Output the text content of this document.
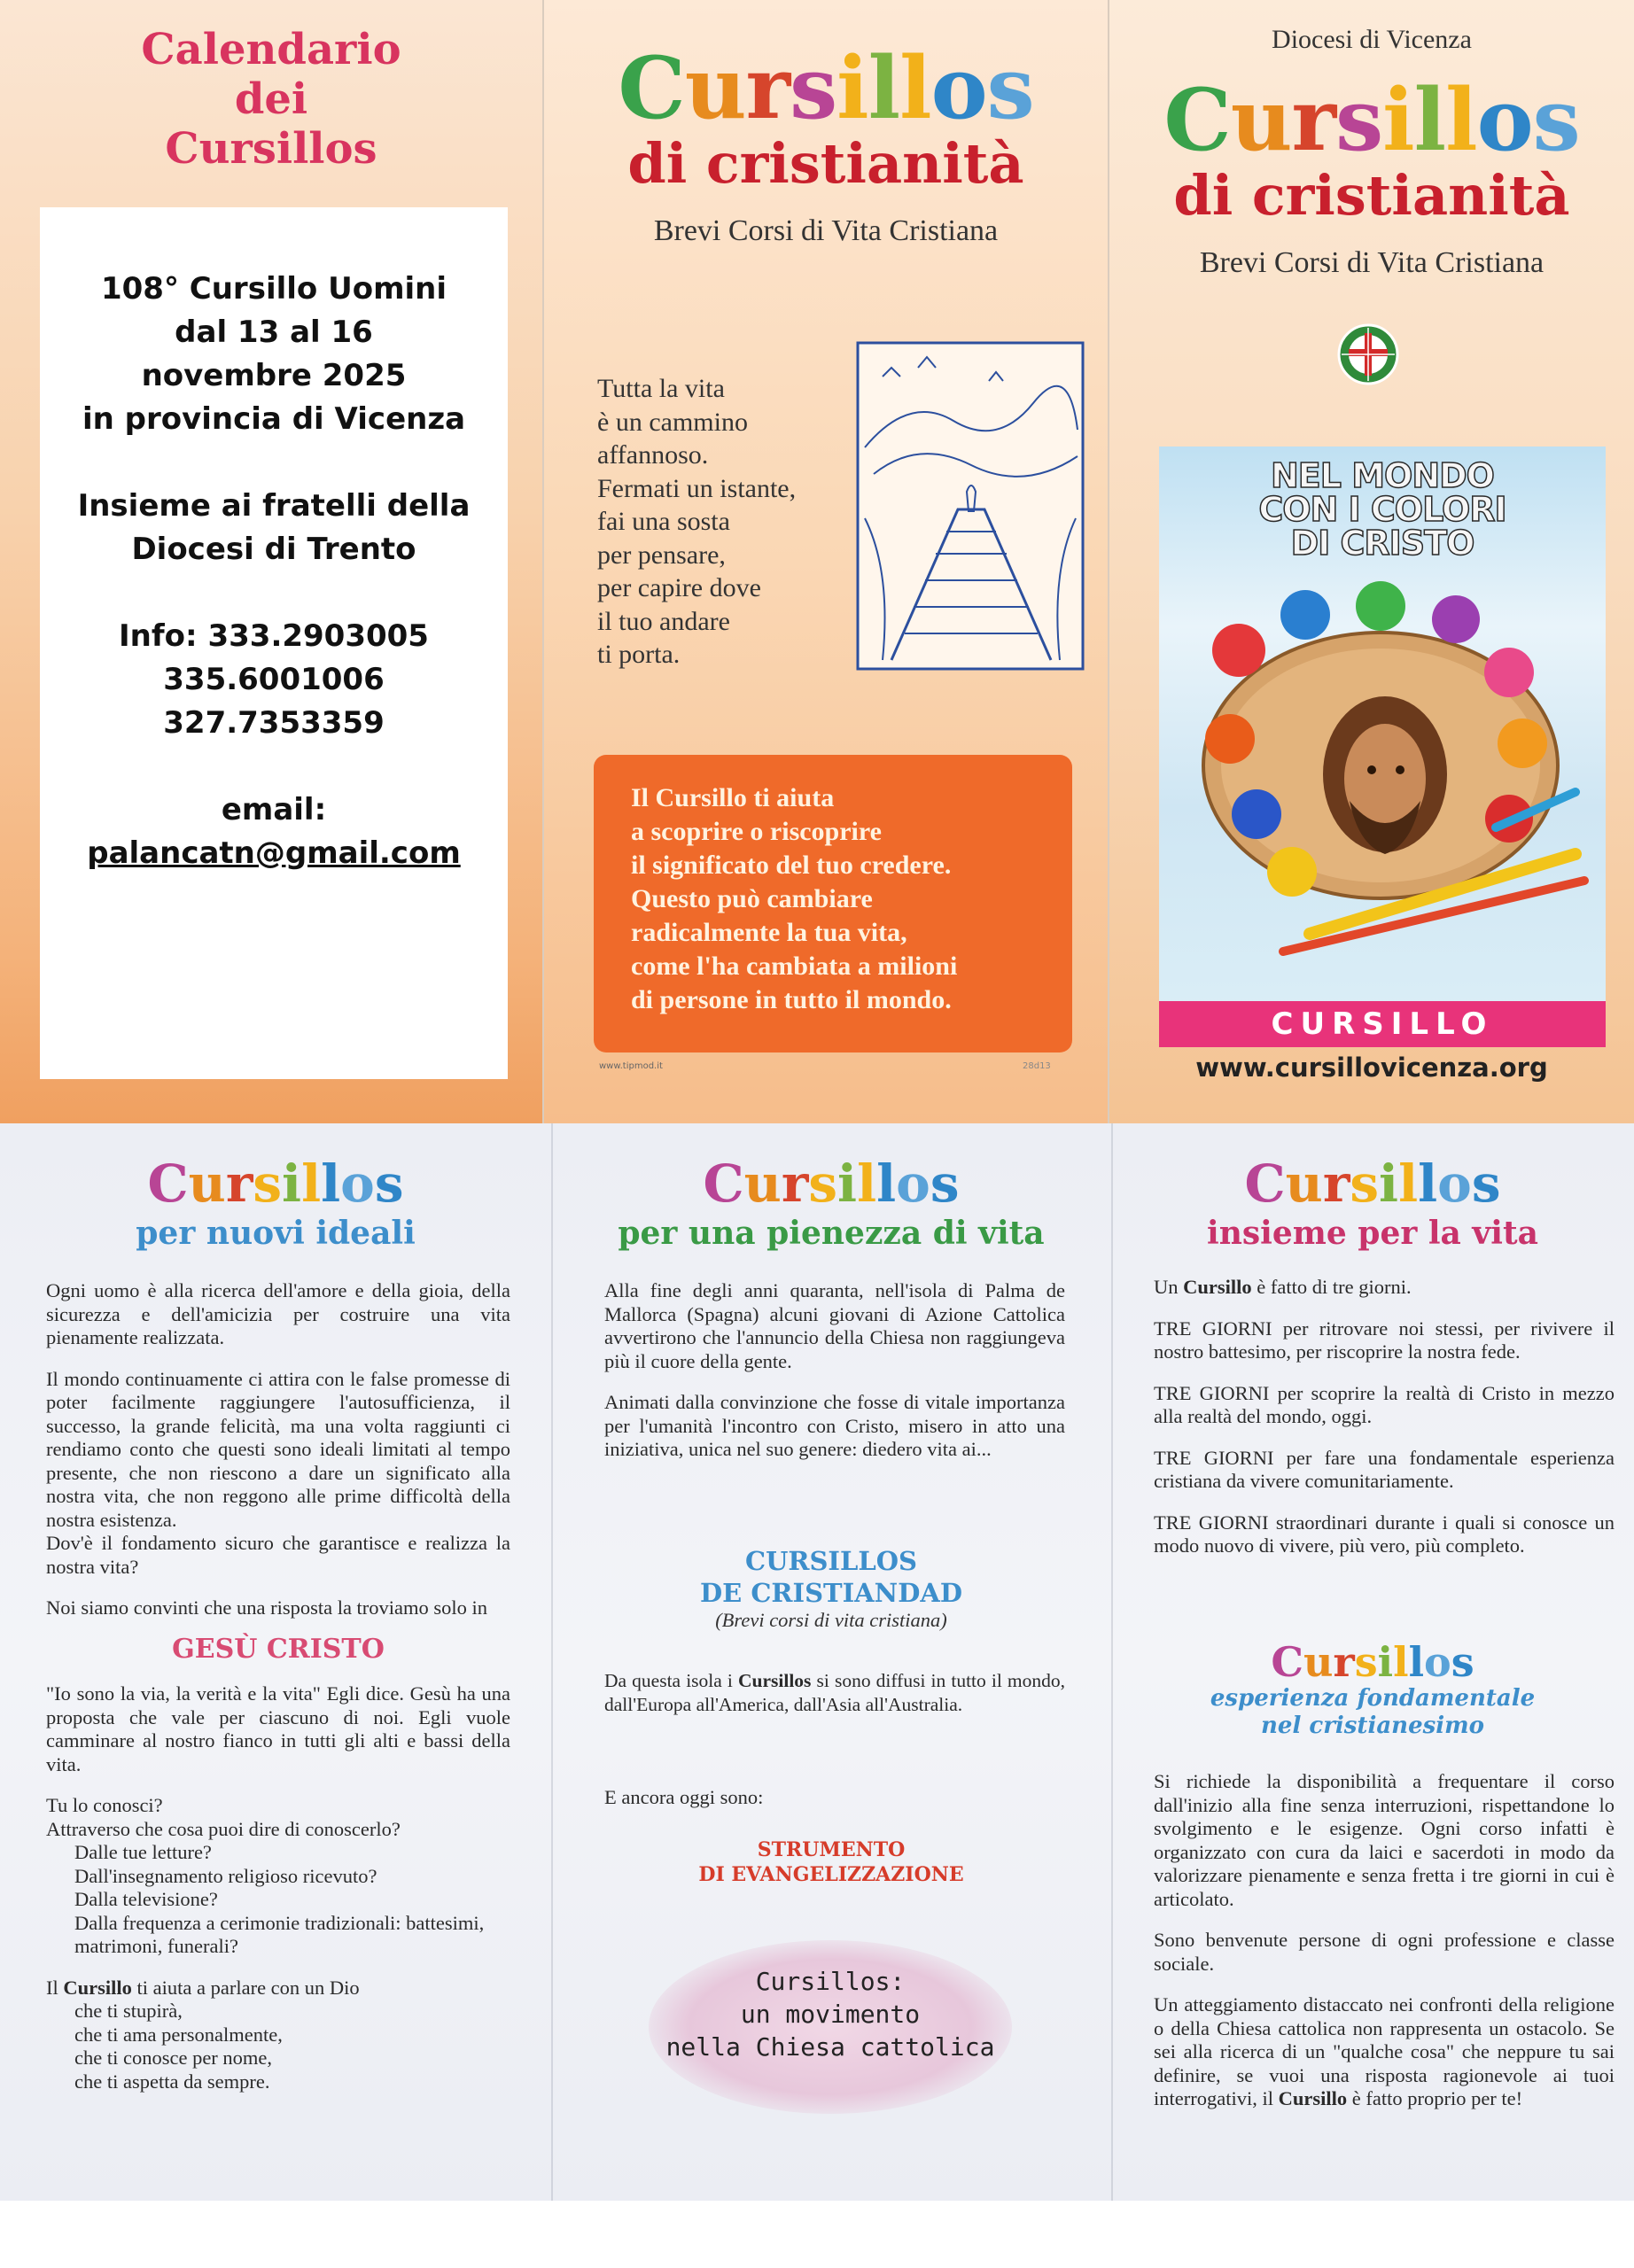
Calendario
dei
Cursillos
108° Cursillo Uomini
dal 13 al 16
novembre 2025
in provincia di Vicenza
Insieme ai fratelli della
Diocesi di Trento
Info: 333.2903005
335.6001006
327.7353359
email:
palancatn@gmail.com
Cursillos
di cristianità
Brevi Corsi di Vita Cristiana
Tutta la vita
è un cammino
affannoso.
Fermati un istante,
fai una sosta
per pensare,
per capire dove
il tuo andare
ti porta.
Il Cursillo ti aiuta
a scoprire o riscoprire
il significato del tuo credere.
Questo può cambiare
radicalmente la tua vita,
come l'ha cambiata a milioni
di persone in tutto il mondo.
www.tipmod.it	28d13
Diocesi di Vicenza
Cursillos
di cristianità
Brevi Corsi di Vita Cristiana
NEL MONDO
CON I COLORI
DI CRISTO
CURSILLO
www.cursillovicenza.org
Cursillos
per nuovi ideali

Ogni uomo è alla ricerca dell'amore e della gioia, della sicurezza e dell'amicizia per costruire una vita pienamente realizzata.

Il mondo continuamente ci attira con le false promesse di poter facilmente raggiungere l'autosufficienza, il successo, la grande felicità, ma una volta raggiunti ci rendiamo conto che questi sono ideali limitati al tempo presente, che non riescono a dare un significato alla nostra vita, che non reggono alle prime difficoltà della nostra esistenza.

Dov'è il fondamento sicuro che garantisce e realizza la nostra vita?

Noi siamo convinti che una risposta la troviamo solo in

GESÙ CRISTO

"Io sono la via, la verità e la vita" Egli dice. Gesù ha una proposta che vale per ciascuno di noi. Egli vuole camminare al nostro fianco in tutti gli alti e bassi della vita.

Tu lo conosci?

Attraverso che cosa puoi dire di conoscerlo?

Dalle tue letture?

Dall'insegnamento religioso ricevuto?

Dalla televisione?

Dalla frequenza a cerimonie tradizionali: battesimi, matrimoni, funerali?

Il Cursillo ti aiuta a parlare con un Dio

che ti stupirà,

che ti ama personalmente,

che ti conosce per nome,

che ti aspetta da sempre.

Cursillos
per una pienezza di vita

Alla fine degli anni quaranta, nell'isola di Palma de Mallorca (Spagna) alcuni giovani di Azione Cattolica avvertirono che l'annuncio della Chiesa non raggiungeva più il cuore della gente.

Animati dalla convinzione che fosse di vitale importanza per l'umanità l'incontro con Cristo, misero in atto una iniziativa, unica nel suo genere: diedero vita ai...

CURSILLOS
DE CRISTIANDAD
(Brevi corsi di vita cristiana)

Da questa isola i Cursillos si sono diffusi in tutto il mondo, dall'Europa all'America, dall'Asia all'Australia.

E ancora oggi sono:

STRUMENTO
DI EVANGELIZZAZIONE
Cursillos:
un movimento
nella Chiesa cattolica
Cursillos
insieme per la vita

Un Cursillo è fatto di tre giorni.

TRE GIORNI per ritrovare noi stessi, per rivivere il nostro battesimo, per riscoprire la nostra fede.

TRE GIORNI per scoprire la realtà di Cristo in mezzo alla realtà del mondo, oggi.

TRE GIORNI per fare una fondamentale esperienza cristiana da vivere comunitariamente.

TRE GIORNI straordinari durante i quali si conosce un modo nuovo di vivere, più vero, più completo.

Cursillos
esperienza fondamentale
nel cristianesimo

Si richiede la disponibilità a frequentare il corso dall'inizio alla fine senza interruzioni, rispettandone lo svolgimento e le esigenze. Ogni corso infatti è organizzato con cura da laici e sacerdoti in modo da valorizzare pienamente e senza fretta i tre giorni in cui è articolato.

Sono benvenute persone di ogni professione e classe sociale.

Un atteggiamento distaccato nei confronti della religione o della Chiesa cattolica non rappresenta un ostacolo. Se sei alla ricerca di un "qualche cosa" che neppure tu sai definire, se vuoi una risposta ragionevole ai tuoi interrogativi, il Cursillo è fatto proprio per te!
